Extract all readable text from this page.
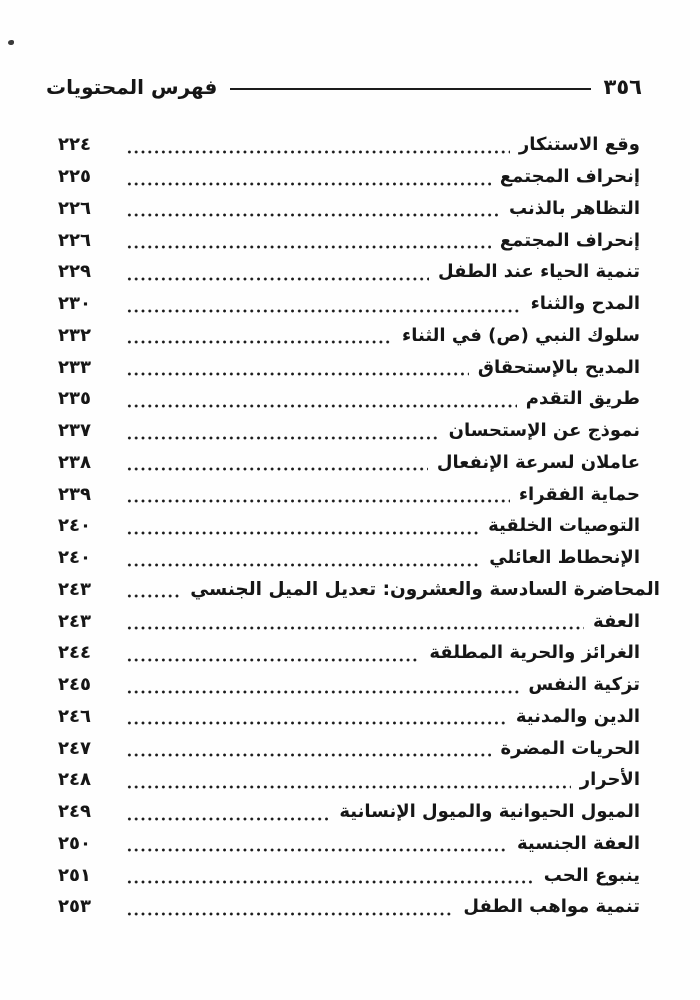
٣٥٦
فهرس المحتويات
وقع الاستنكار
٢٢٤
إنحراف المجتمع
٢٢٥
التظاهر بالذنب
٢٢٦
إنحراف المجتمع
٢٢٦
تنمية الحياء عند الطفل
٢٢٩
المدح والثناء
٢٣٠
سلوك النبي (ص) في الثناء
٢٣٢
المديح بالإستحقاق
٢٣٣
طريق التقدم
٢٣٥
نموذج عن الإستحسان
٢٣٧
عاملان لسرعة الإنفعال
٢٣٨
حماية الفقراء
٢٣٩
التوصيات الخلقية
٢٤٠
الإنحطاط العائلي
٢٤٠
المحاضرة السادسة والعشرون: تعديل الميل الجنسي
٢٤٣
العفة
٢٤٣
الغرائز والحرية المطلقة
٢٤٤
تزكية النفس
٢٤٥
الدين والمدنية
٢٤٦
الحريات المضرة
٢٤٧
الأحرار
٢٤٨
الميول الحيوانية والميول الإنسانية
٢٤٩
العفة الجنسية
٢٥٠
ينبوع الحب
٢٥١
تنمية مواهب الطفل
٢٥٣
